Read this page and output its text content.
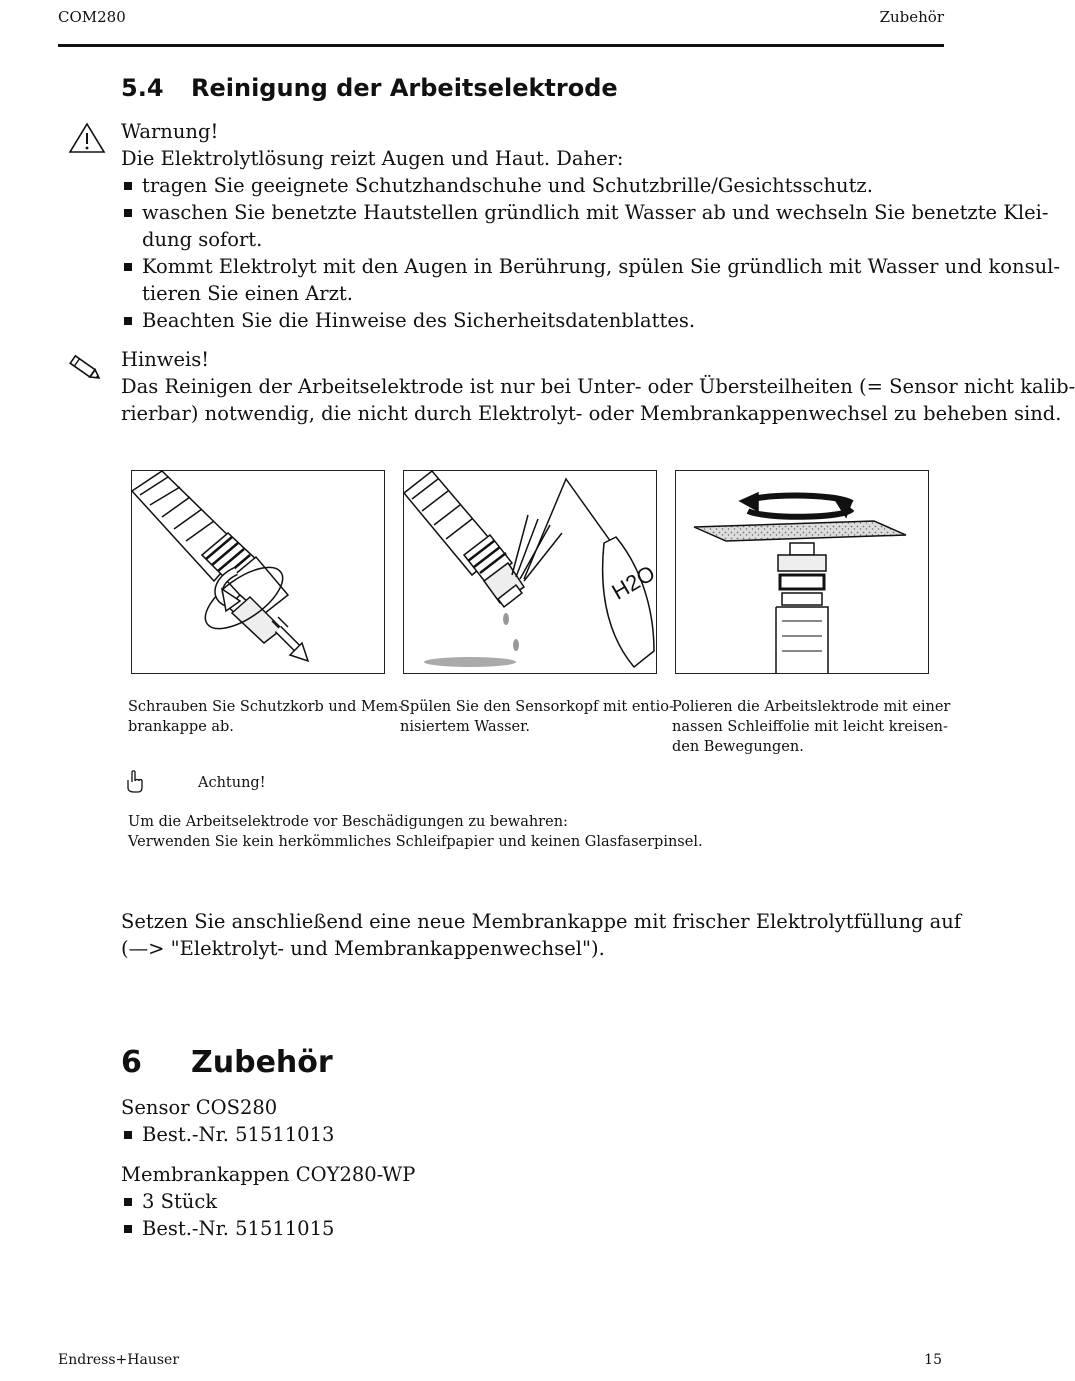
COM280	Zubehör
5.4 Reinigung der Arbeitselektrode
Warnung!
Die Elektrolytlösung reizt Augen und Haut. Daher:
tragen Sie geeignete Schutzhandschuhe und Schutzbrille/Gesichtsschutz.
waschen Sie benetzte Hautstellen gründlich mit Wasser ab und wechseln Sie benetzte Klei-
dung sofort.
Kommt Elektrolyt mit den Augen in Berührung, spülen Sie gründlich mit Wasser und konsul-
tieren Sie einen Arzt.
Beachten Sie die Hinweise des Sicherheitsdatenblattes.
Hinweis!
Das Reinigen der Arbeitselektrode ist nur bei Unter- oder Übersteilheiten (= Sensor nicht kalib-
rierbar) notwendig, die nicht durch Elektrolyt- oder Membrankappenwechsel zu beheben sind.
H2O
Schrauben Sie Schutzkorb und Mem-
brankappe ab.
Spülen Sie den Sensorkopf mit entio-
nisiertem Wasser.
Polieren die Arbeitslektrode mit einer
nassen Schleiffolie mit leicht kreisen-
den Bewegungen.
Achtung!
Um die Arbeitselektrode vor Beschädigungen zu bewahren:
Verwenden Sie kein herkömmliches Schleifpapier und keinen Glasfaserpinsel.
Setzen Sie anschließend eine neue Membrankappe mit frischer Elektrolytfüllung auf
(—> "Elektrolyt- und Membrankappenwechsel").
6 Zubehör
Sensor COS280
Best.-Nr. 51511013
Membrankappen COY280-WP
3 Stück
Best.-Nr. 51511015
Endress+Hauser	15
